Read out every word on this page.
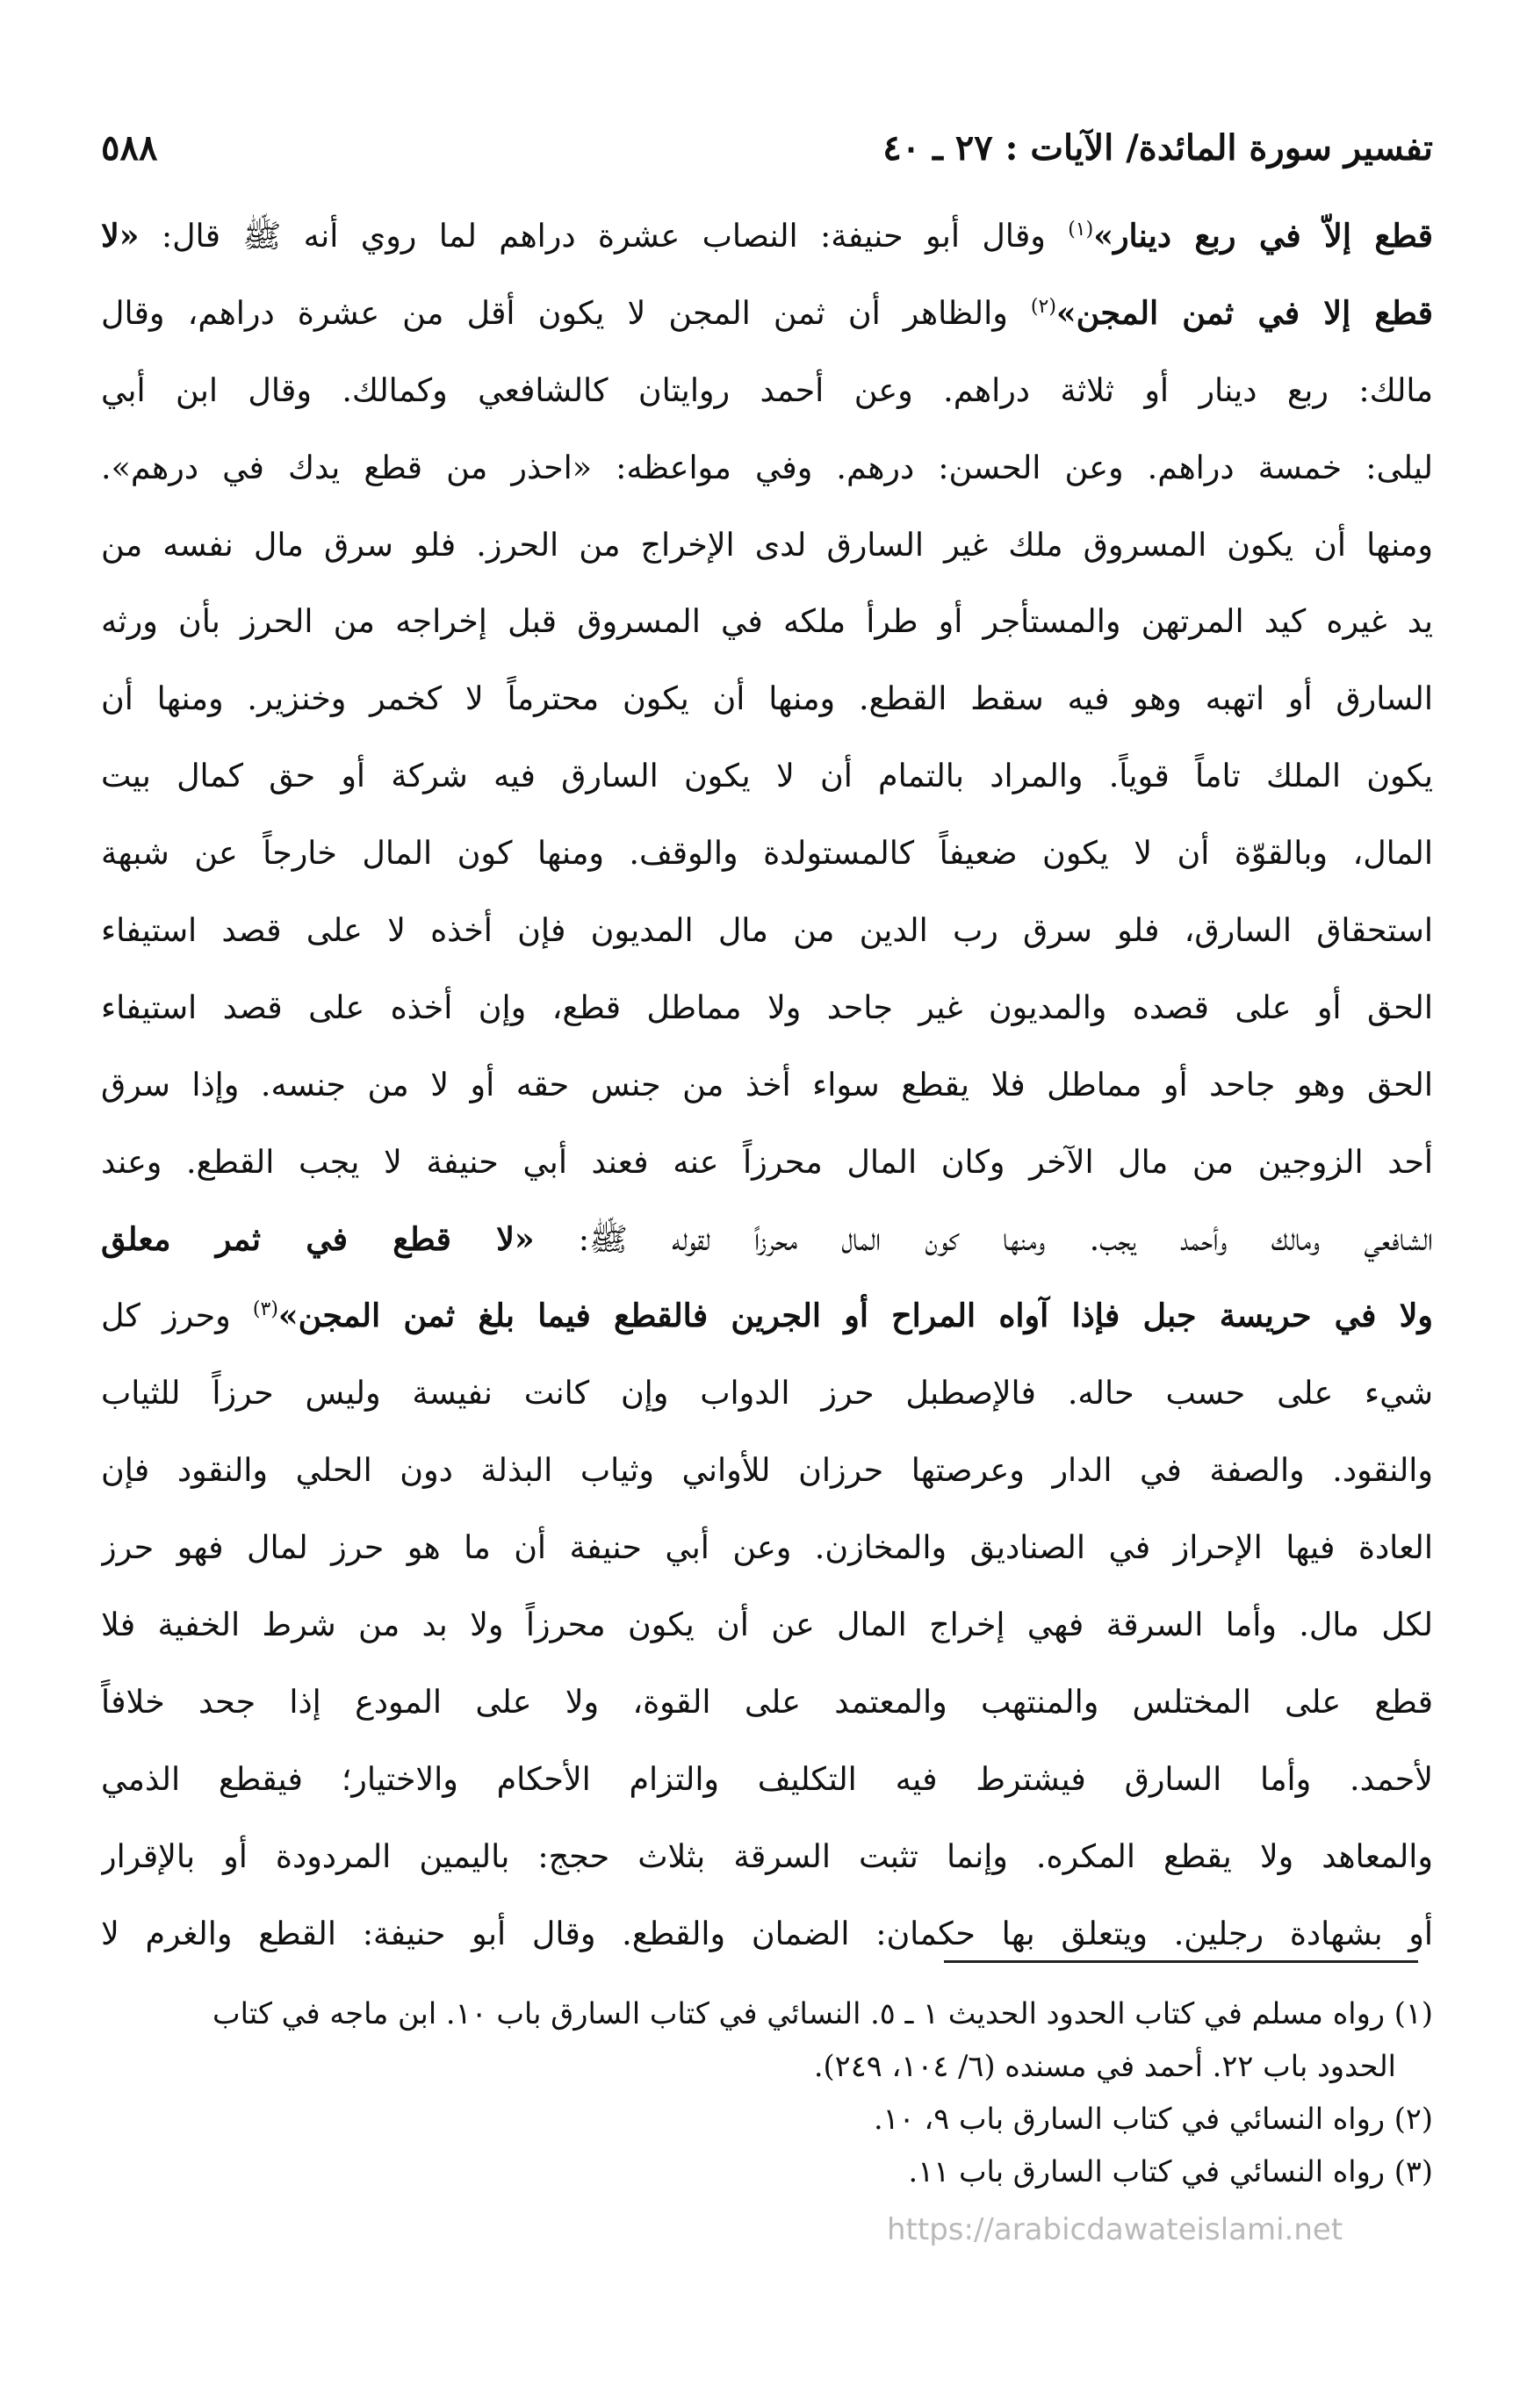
٥٨٨	تفسير سورة المائدة/ الآيات : ٢٧ ـ ٤٠
قطع إلاّ في ربع دينار»$^{(١)}$ وقال أبو حنيفة: النصاب عشرة دراهم لما روي أنه ﷺ قال: «لا
قطع إلا في ثمن المجن»$^{(٢)}$ والظاهر أن ثمن المجن لا يكون أقل من عشرة دراهم، وقال
مالك: ربع دينار أو ثلاثة دراهم. وعن أحمد روايتان كالشافعي وكمالك. وقال ابن أبي
ليلى: خمسة دراهم. وعن الحسن: درهم. وفي مواعظه: «احذر من قطع يدك في درهم».
ومنها أن يكون المسروق ملك غير السارق لدى الإخراج من الحرز. فلو سرق مال نفسه من
يد غيره كيد المرتهن والمستأجر أو طرأ ملكه في المسروق قبل إخراجه من الحرز بأن ورثه
السارق أو اتهبه وهو فيه سقط القطع. ومنها أن يكون محترماً لا كخمر وخنزير. ومنها أن
يكون الملك تاماً قوياً. والمراد بالتمام أن لا يكون السارق فيه شركة أو حق كمال بيت
المال، وبالقوّة أن لا يكون ضعيفاً كالمستولدة والوقف. ومنها كون المال خارجاً عن شبهة
استحقاق السارق، فلو سرق رب الدين من مال المديون فإن أخذه لا على قصد استيفاء
الحق أو على قصده والمديون غير جاحد ولا مماطل قطع، وإن أخذه على قصد استيفاء
الحق وهو جاحد أو مماطل فلا يقطع سواء أخذ من جنس حقه أو لا من جنسه. وإذا سرق
أحد الزوجين من مال الآخر وكان المال محرزاً عنه فعند أبي حنيفة لا يجب القطع. وعند
الشافعي ومالك وأحمد يجب. ومنها كون المال محرزاً لقوله ﷺ: «لا قطع في ثمر معلق
ولا في حريسة جبل فإذا آواه المراح أو الجرين فالقطع فيما بلغ ثمن المجن»$^{(٣)}$ وحرز كل
شيء على حسب حاله. فالإصطبل حرز الدواب وإن كانت نفيسة وليس حرزاً للثياب
والنقود. والصفة في الدار وعرصتها حرزان للأواني وثياب البذلة دون الحلي والنقود فإن
العادة فيها الإحراز في الصناديق والمخازن. وعن أبي حنيفة أن ما هو حرز لمال فهو حرز
لكل مال. وأما السرقة فهي إخراج المال عن أن يكون محرزاً ولا بد من شرط الخفية فلا
قطع على المختلس والمنتهب والمعتمد على القوة، ولا على المودع إذا جحد خلافاً
لأحمد. وأما السارق فيشترط فيه التكليف والتزام الأحكام والاختيار؛ فيقطع الذمي
والمعاهد ولا يقطع المكره. وإنما تثبت السرقة بثلاث حجج: باليمين المردودة أو بالإقرار
أو بشهادة رجلين. ويتعلق بها حكمان: الضمان والقطع. وقال أبو حنيفة: القطع والغرم لا
(١) رواه مسلم في كتاب الحدود الحديث ١ ـ ٥. النسائي في كتاب السارق باب ١٠. ابن ماجه في كتاب
الحدود باب ٢٢. أحمد في مسنده (٦/ ١٠٤، ٢٤٩).
(٢) رواه النسائي في كتاب السارق باب ٩، ١٠.
(٣) رواه النسائي في كتاب السارق باب ١١.
https://arabicdawateislami.net
